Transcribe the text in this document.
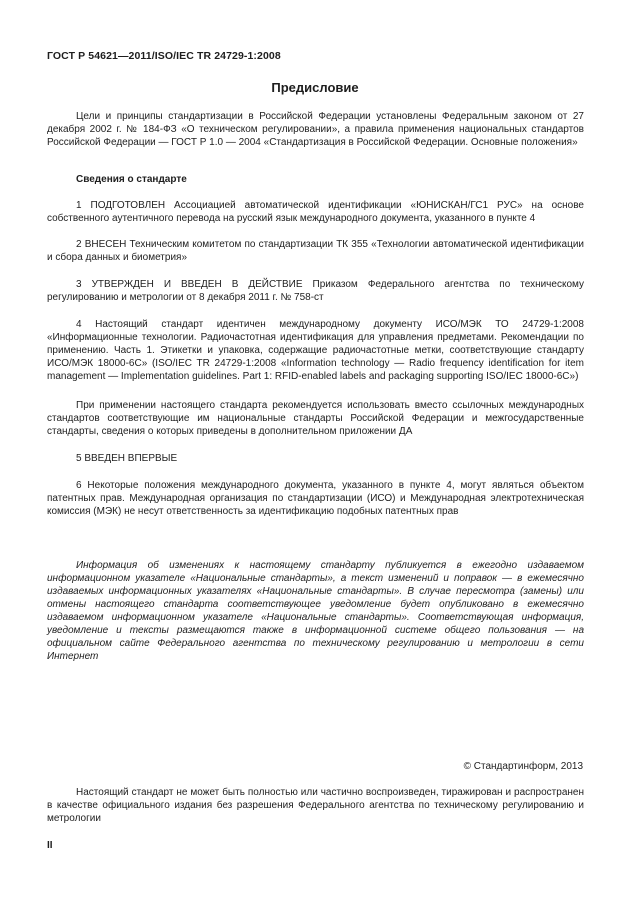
ГОСТ Р 54621—2011/ISO/IEC TR 24729-1:2008
Предисловие

Цели и принципы стандартизации в Российской Федерации установлены Федеральным законом от 27 декабря 2002 г. № 184-ФЗ «О техническом регулировании», а правила применения национальных стандартов Российской Федерации — ГОСТ Р 1.0 — 2004 «Стандартизация в Российской Федерации. Основные положения»

Сведения о стандарте

1 ПОДГОТОВЛЕН Ассоциацией автоматической идентификации «ЮНИСКАН/ГС1 РУС» на основе собственного аутентичного перевода на русский язык международного документа, указанного в пункте 4

2 ВНЕСЕН Техническим комитетом по стандартизации ТК 355 «Технологии автоматической идентификации и сбора данных и биометрия»

3 УТВЕРЖДЕН И ВВЕДЕН В ДЕЙСТВИЕ Приказом Федерального агентства по техническому регулированию и метрологии от 8 декабря 2011 г. № 758-ст

4 Настоящий стандарт идентичен международному документу ИСО/МЭК ТО 24729-1:2008 «Информационные технологии. Радиочастотная идентификация для управления предметами. Рекомендации по применению. Часть 1. Этикетки и упаковка, содержащие радиочастотные метки, соответствующие стандарту ИСО/МЭК 18000-6С» (ISO/IEC TR 24729-1:2008 «Information technology — Radio frequency identification for item management — Implementation guidelines. Part 1: RFID-enabled labels and packaging supporting ISO/IEC 18000-6C»)

При применении настоящего стандарта рекомендуется использовать вместо ссылочных международных стандартов соответствующие им национальные стандарты Российской Федерации и межгосударственные стандарты, сведения о которых приведены в дополнительном приложении ДА

5 ВВЕДЕН ВПЕРВЫЕ

6 Некоторые положения международного документа, указанного в пункте 4, могут являться объектом патентных прав. Международная организация по стандартизации (ИСО) и Международная электротехническая комиссия (МЭК) не несут ответственность за идентификацию подобных патентных прав

Информация об изменениях к настоящему стандарту публикуется в ежегодно издаваемом информационном указателе «Национальные стандарты», а текст изменений и поправок — в ежемесячно издаваемых информационных указателях «Национальные стандарты». В случае пересмотра (замены) или отмены настоящего стандарта соответствующее уведомление будет опубликовано в ежемесячно издаваемом информационном указателе «Национальные стандарты». Соответствующая информация, уведомление и тексты размещаются также в информационной системе общего пользования — на официальном сайте Федерального агентства по техническому регулированию и метрологии в сети Интернет

© Стандартинформ, 2013

Настоящий стандарт не может быть полностью или частично воспроизведен, тиражирован и распространен в качестве официального издания без разрешения Федерального агентства по техническому регулированию и метрологии

II
